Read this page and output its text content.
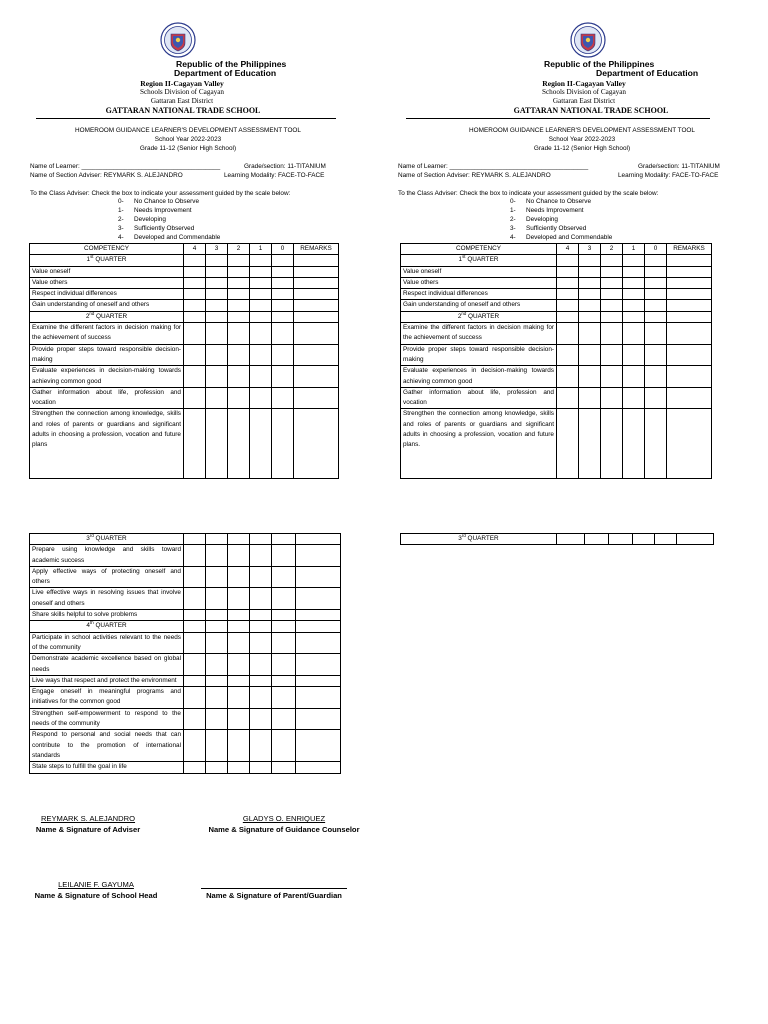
Republic of the Philippines
Department of Education
Region II-Cagayan Valley
Schools Division of Cagayan
Gattaran East District
GATTARAN NATIONAL TRADE SCHOOL
HOMEROOM GUIDANCE LEARNER'S DEVELOPMENT ASSESSMENT TOOL
School Year 2022-2023
Grade 11-12 (Senior High School)
Name of Learner: _______________________________________	Grade/section: 11-TITANIUM
Name of Section Adviser: REYMARK S. ALEJANDRO	Learning Modality: FACE-TO-FACE
To the Class Adviser: Check the box to indicate your assessment guided by the scale below:
0- No Chance to Observe
1- Needs Improvement
2- Developing
3- Sufficiently Observed
4- Developed and Commendable
COMPETENCY	4	3	2	1	0	REMARKS
1st QUARTER						
Value oneself						
Value others						
Respect individual differences						
Gain understanding of oneself and others						
2nd QUARTER						
Examine the different factors in decision making for the achievement of success						
Provide proper steps toward responsible decision-making						
Evaluate experiences in decision-making towards achieving common good						
Gather information about life, profession and vocation						
Strengthen the connection among knowledge, skills and roles of parents or guardians and significant adults in choosing a profession, vocation and future plans						
3rd QUARTER						
Prepare using knowledge and skills toward academic success						
Apply effective ways of protecting oneself and others						
Live effective ways in resolving issues that involve oneself and others						
Share skills helpful to solve problems						
4th QUARTER						
Participate in school activities relevant to the needs of the community						
Demonstrate academic excellence based on global needs						
Live ways that respect and protect the environment						
Engage oneself in meaningful programs and initiatives for the common good						
Strengthen self-empowerment to respond to the needs of the community						
Respond to personal and social needs that can contribute to the promotion of international standards						
State steps to fulfill the goal in life						
REYMARK S. ALEJANDRO
Name & Signature of Adviser
GLADYS O. ENRIQUEZ
Name & Signature of Guidance Counselor
LEILANIE F. GAYUMA
Name & Signature of School Head	Name & Signature of Parent/Guardian
Republic of the Philippines
Department of Education
Region II-Cagayan Valley
Schools Division of Cagayan
Gattaran East District
GATTARAN NATIONAL TRADE SCHOOL
HOMEROOM GUIDANCE LEARNER'S DEVELOPMENT ASSESSMENT TOOL
School Year 2022-2023
Grade 11-12 (Senior High School)
Name of Learner: _______________________________________	Grade/section: 11-TITANIUM
Name of Section Adviser: REYMARK S. ALEJANDRO	Learning Modality: FACE-TO-FACE
To the Class Adviser: Check the box to indicate your assessment guided by the scale below:
0- No Chance to Observe
1- Needs Improvement
2- Developing
3- Sufficiently Observed
4- Developed and Commendable
COMPETENCY	4	3	2	1	0	REMARKS
1st QUARTER						
Value oneself						
Value others						
Respect individual differences						
Gain understanding of oneself and others						
2nd QUARTER						
Examine the different factors in decision making for the achievement of success						
Provide proper steps toward responsible decision-making						
Evaluate experiences in decision-making towards achieving common good						
Gather information about life, profession and vocation						
Strengthen the connection among knowledge, skills and roles of parents or guardians and significant adults in choosing a profession, vocation and future plans.						
3rd QUARTER						
